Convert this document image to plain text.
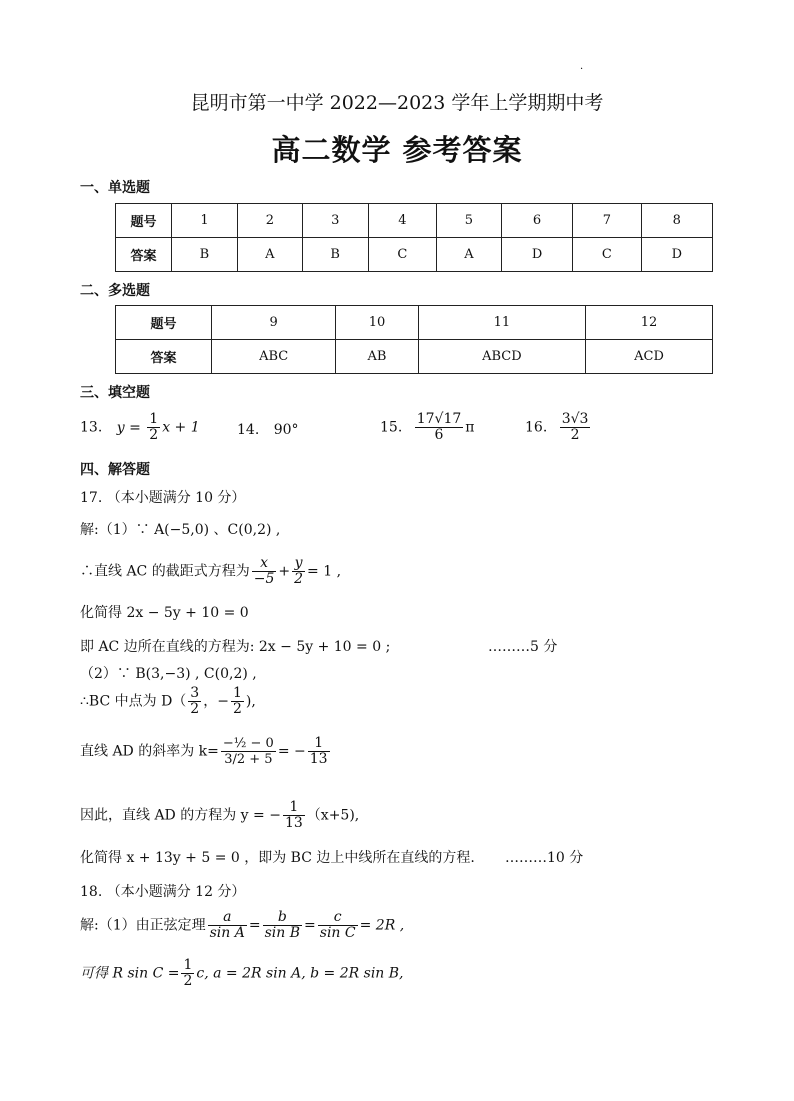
·
昆明市第一中学 2022—2023 学年上学期期中考
高二数学 参考答案
一、单选题
题号	1	2	3	4	5	6	7	8
答案	B	A	B	C	A	D	C	D
二、多选题
题号	9	10	11	12
答案	ABC	AB	ABCD	ACD
三、填空题
13. $y = \frac{1}{2}$ x + 1	14. 90°	15. $\frac{17√17}{6}$ π	16. $\frac{3√3}{2}$
四、解答题
17. （本小题满分 10 分）
解:（1）∵ A(−5,0) 、C(0,2) ,
∴直线 AC 的截距式方程为 $\frac{x}{-5} + \frac{y}{2} = 1$ ,
化简得 2x − 5y + 10 = 0
即 AC 边所在直线的方程为: 2x − 5y + 10 = 0 ;	………5 分
（2）∵ B(3,−3) , C(0,2) ,
∴BC 中点为 $D( \frac{3}{2}$ ，− $\frac{1}{2}$ ),
直线 AD 的斜率为 $k= \frac{\text{−½ − 0}}{3/2 + 5}$ = − $\frac{1}{13}$
因此，直线 AD 的方程为 y = − $\frac{1}{13} (x+5)$,
化简得 x + 13y + 5 = 0 ，即为 BC 边上中线所在直线的方程. ………10 分
18. （本小题满分 12 分）
解:（1）由正弦定理 $\frac{a}{\text{sin A}} = \frac{b}{\text{sin B}} = \frac{c}{\text{sin C}} = 2R$ ,
可得 R $\sin C = \frac{1}{2} c$, a = 2R sin A, b = 2R sin B,
